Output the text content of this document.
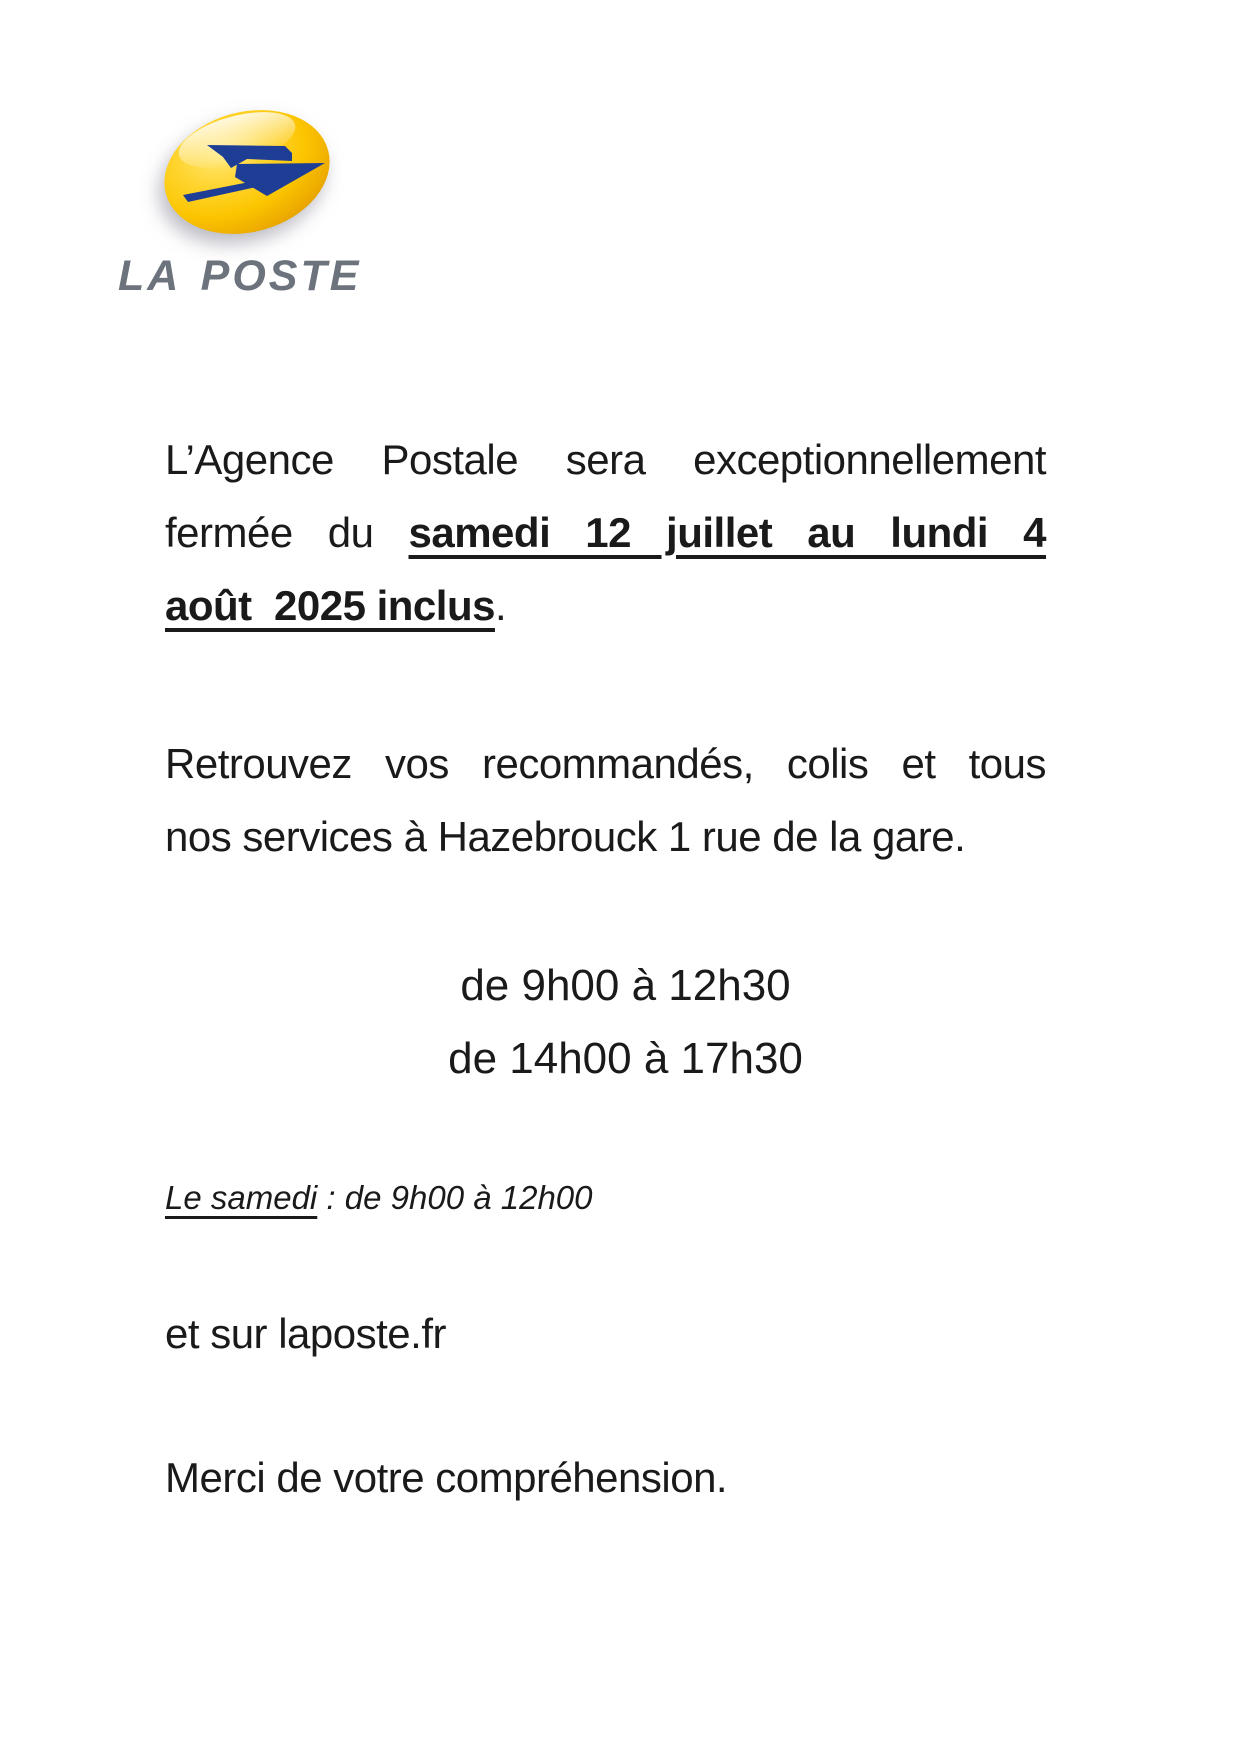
LA POSTE
L’Agence Postale sera exceptionnellement
fermée du samedi 12 juillet au lundi 4
août  2025 inclus.
Retrouvez vos recommandés, colis et tous
nos services à Hazebrouck 1 rue de la gare.
de 9h00 à 12h30
de 14h00 à 17h30
Le samedi : de 9h00 à 12h00
et sur laposte.fr
Merci de votre compréhension.
